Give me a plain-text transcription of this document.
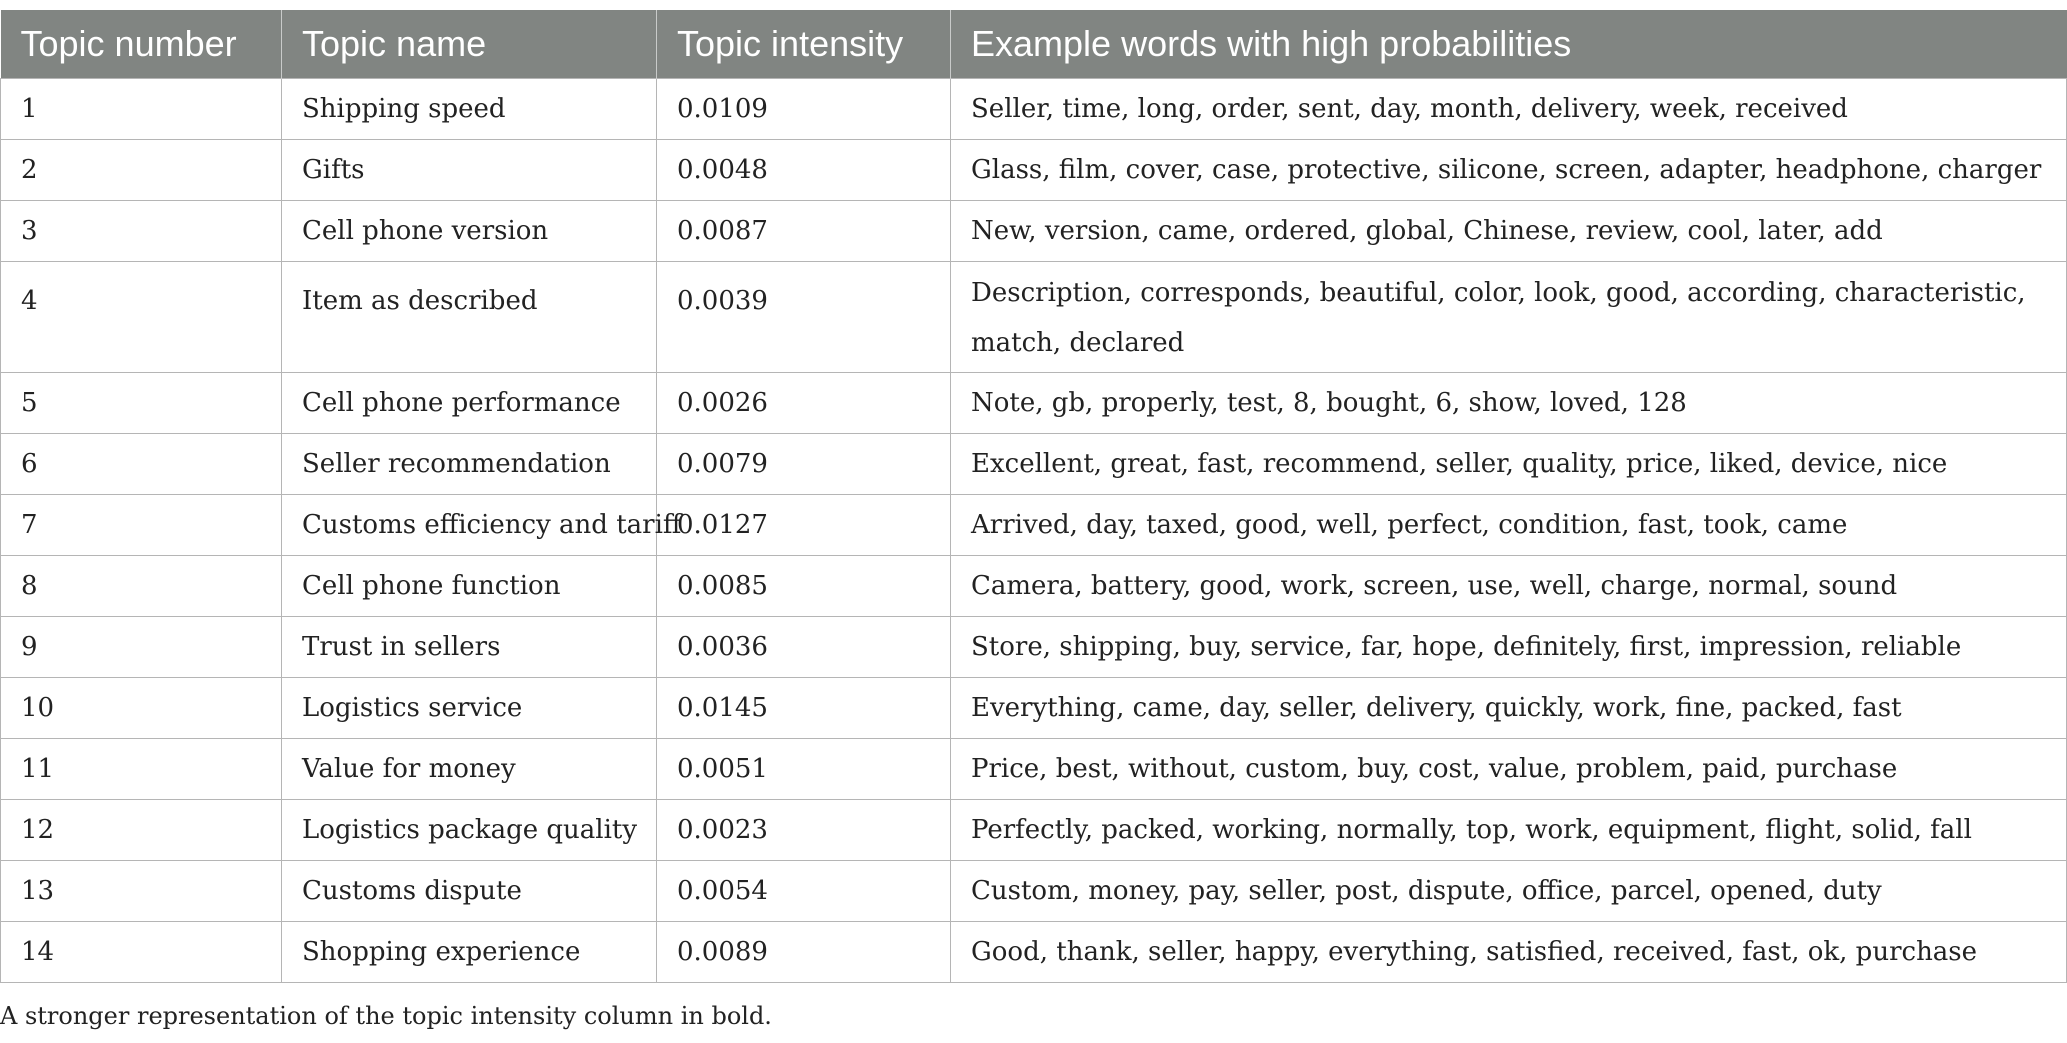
Topic number	Topic name	Topic intensity	Example words with high probabilities
1	Shipping speed	0.0109	Seller, time, long, order, sent, day, month, delivery, week, received
2	Gifts	0.0048	Glass, film, cover, case, protective, silicone, screen, adapter, headphone, charger
3	Cell phone version	0.0087	New, version, came, ordered, global, Chinese, review, cool, later, add
4	Item as described	0.0039	Description, corresponds, beautiful, color, look, good, according, characteristic, match, declared
5	Cell phone performance	0.0026	Note, gb, properly, test, 8, bought, 6, show, loved, 128
6	Seller recommendation	0.0079	Excellent, great, fast, recommend, seller, quality, price, liked, device, nice
7	Customs efficiency and tariff	0.0127	Arrived, day, taxed, good, well, perfect, condition, fast, took, came
8	Cell phone function	0.0085	Camera, battery, good, work, screen, use, well, charge, normal, sound
9	Trust in sellers	0.0036	Store, shipping, buy, service, far, hope, definitely, first, impression, reliable
10	Logistics service	0.0145	Everything, came, day, seller, delivery, quickly, work, fine, packed, fast
11	Value for money	0.0051	Price, best, without, custom, buy, cost, value, problem, paid, purchase
12	Logistics package quality	0.0023	Perfectly, packed, working, normally, top, work, equipment, flight, solid, fall
13	Customs dispute	0.0054	Custom, money, pay, seller, post, dispute, office, parcel, opened, duty
14	Shopping experience	0.0089	Good, thank, seller, happy, everything, satisfied, received, fast, ok, purchase
A stronger representation of the topic intensity column in bold.
